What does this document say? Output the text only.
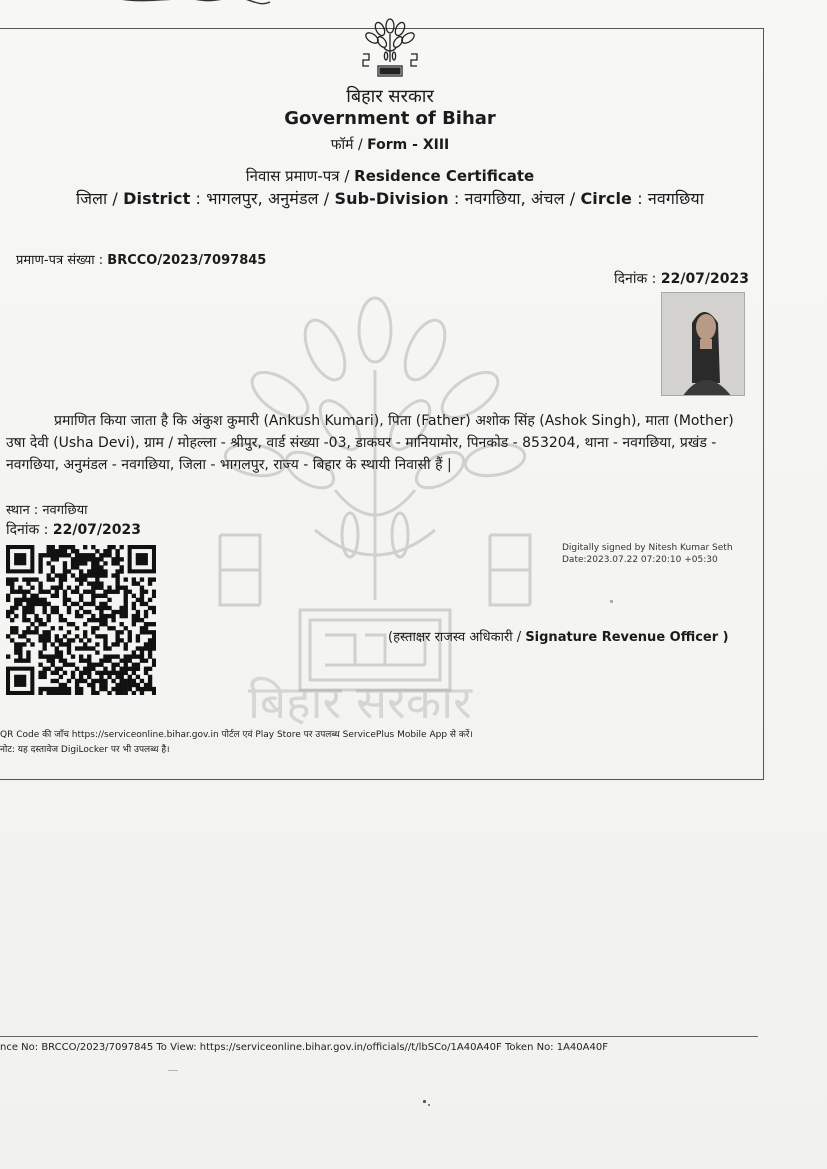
बिहार सरकार
बिहार सरकार
Government of Bihar
फॉर्म / Form - XIII
निवास प्रमाण-पत्र / Residence Certificate
जिला / District : भागलपुर, अनुमंडल / Sub-Division : नवगछिया, अंचल / Circle : नवगछिया
प्रमाण-पत्र संख्या : BRCCO/2023/7097845
दिनांक : 22/07/2023
प्रमाणित किया जाता है कि अंकुश कुमारी (Ankush Kumari), पिता (Father) अशोक सिंह (Ashok Singh), माता (Mother)
उषा देवी (Usha Devi), ग्राम / मोहल्ला - श्रीपुर, वार्ड संख्या -03, डाकघर - मानियामोर, पिनकोड - 853204, थाना - नवगछिया, प्रखंड -
नवगछिया, अनुमंडल - नवगछिया, जिला - भागलपुर, राज्य - बिहार के स्थायी निवासी हैं |
स्थान : नवगछिया
दिनांक : 22/07/2023
Digitally signed by Nitesh Kumar Seth
Date:2023.07.22 07:20:10 +05:30
(हस्ताक्षर राजस्व अधिकारी / Signature Revenue Officer )
QR Code की जाँच https://serviceonline.bihar.gov.in पोर्टल एवं Play Store पर उपलब्ध ServicePlus Mobile App से करें।
नोट: यह दस्तावेज DigiLocker पर भी उपलब्ध है।
nce No: BRCCO/2023/7097845 To View: https://serviceonline.bihar.gov.in/officials//t/lbSCo/1A40A40F Token No: 1A40A40F
